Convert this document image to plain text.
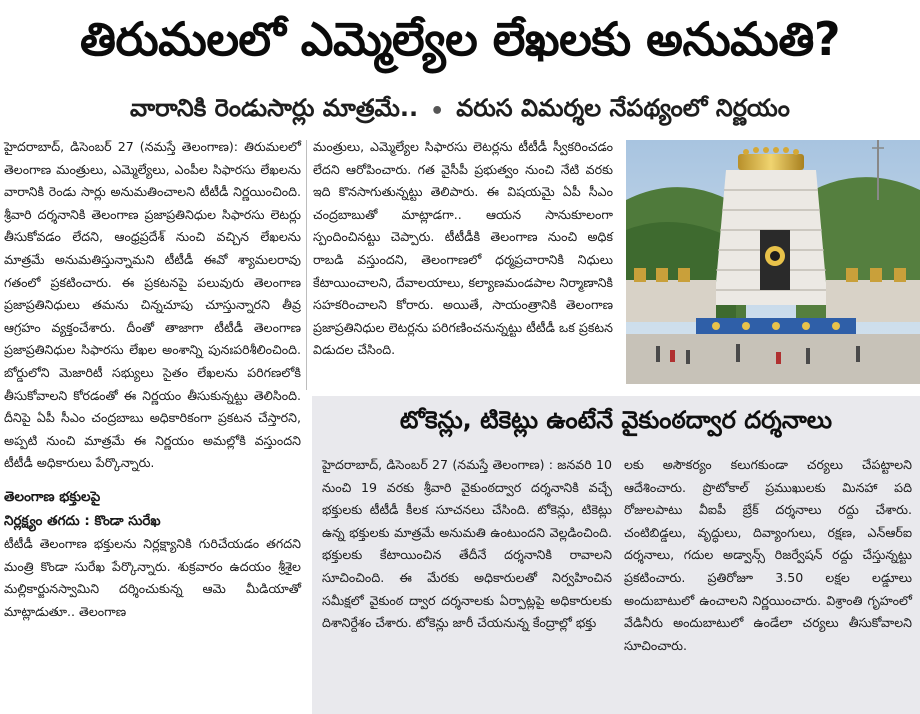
తిరుమలలో ఎమ్మెల్యేల లేఖలకు అనుమతి?
వారానికి రెండుసార్లు మాత్రమే.. • వరుస విమర్శల నేపథ్యంలో నిర్ణయం

హైదరాబాద్, డిసెంబర్ 27 (నమస్తే తెలంగాణ): తిరుమలలో తెలంగాణ మంత్రులు, ఎమ్మెల్యేలు, ఎంపీల సిఫారసు లేఖలను వారానికి రెండు సార్లు అనుమతించాలని టీటీడీ నిర్ణయించింది. శ్రీవారి దర్శనానికి తెలంగాణ ప్రజాప్రతినిధుల సిఫారసు లెటర్లు తీసుకోవడం లేదని, ఆంధ్రప్రదేశ్ నుంచి వచ్చిన లేఖలను మాత్రమే అనుమతిస్తున్నామని టీటీడీ ఈవో శ్యామలరావు గతంలో ప్రకటించారు. ఈ ప్రకటనపై పలువురు తెలంగాణ ప్రజాప్రతినిధులు తమను చిన్నచూపు చూస్తున్నారని తీవ్ర ఆగ్రహం వ్యక్తంచేశారు. దీంతో తాజాగా టీటీడీ తెలంగాణ ప్రజాప్రతినిధుల సిఫారసు లేఖల అంశాన్ని పునఃపరిశీలించింది. బోర్డులోని మెజారిటీ సభ్యులు సైతం లేఖలను పరిగణలోకి తీసుకోవాలని కోరడంతో ఈ నిర్ణయం తీసుకున్నట్టు తెలిసింది. దీనిపై ఏపీ సీఎం చంద్రబాబు అధికారికంగా ప్రకటన చేస్తారని, అప్పటి నుంచి మాత్రమే ఈ నిర్ణయం అమల్లోకి వస్తుందని టీటీడీ అధికారులు పేర్కొన్నారు.

తెలంగాణ భక్తులపై

నిర్లక్ష్యం తగదు : కొండా సురేఖ

టీటీడీ తెలంగాణ భక్తులను నిర్లక్ష్యానికి గురిచేయడం తగదని మంత్రి కొండా సురేఖ పేర్కొన్నారు. శుక్రవారం ఉదయం శ్రీశైల మల్లికార్జునస్వామిని దర్శించుకున్న ఆమె మీడియాతో మాట్లాడుతూ.. తెలంగాణ

మంత్రులు, ఎమ్మెల్యేల సిఫారసు లెటర్లను టీటీడీ స్వీకరించడం లేదని ఆరోపించారు. గత వైసీపీ ప్రభుత్వం నుంచి నేటి వరకు ఇది కొనసాగుతున్నట్టు తెలిపారు. ఈ విషయమై ఏపీ సీఎం చంద్రబాబుతో మాట్లాడగా.. ఆయన సానుకూలంగా స్పందించినట్టు చెప్పారు. టీటీడీకి తెలంగాణ నుంచి అధిక రాబడి వస్తుందని, తెలంగాణలో ధర్మప్రచారానికి నిధులు కేటాయించాలని, దేవాలయాలు, కల్యాణమండపాల నిర్మాణానికి సహకరించాలని కోరారు. అయితే, సాయంత్రానికి తెలంగాణ ప్రజాప్రతినిధుల లెటర్లను పరిగణించనున్నట్టు టీటీడీ ఒక ప్రకటన విడుదల చేసింది.

టోకెన్లు, టికెట్లు ఉంటేనే వైకుంఠద్వార దర్శనాలు

హైదరాబాద్, డిసెంబర్ 27 (నమస్తే తెలంగాణ) : జనవరి 10 నుంచి 19 వరకు శ్రీవారి వైకుంఠద్వార దర్శనానికి వచ్చే భక్తులకు టీటీడీ కీలక సూచనలు చేసింది. టోకెన్లు, టికెట్లు ఉన్న భక్తులకు మాత్రమే అనుమతి ఉంటుందని వెల్లడించింది. భక్తులకు కేటాయించిన తేదీనే దర్శనానికి రావాలని సూచించింది. ఈ మేరకు అధికారులతో నిర్వహించిన సమీక్షలో వైకుంఠ ద్వార దర్శనాలకు ఏర్పాట్లపై అధికారులకు దిశానిర్దేశం చేశారు. టోకెన్లు జారీ చేయనున్న కేంద్రాల్లో భక్తు

లకు అసౌకర్యం కలుగకుండా చర్యలు చేపట్టాలని ఆదేశించారు. ప్రొటోకాల్ ప్రముఖులకు మినహా పది రోజులపాటు వీఐపీ బ్రేక్ దర్శనాలు రద్దు చేశారు. చంటిబిడ్డలు, వృద్ధులు, దివ్యాంగులు, రక్షణ, ఎన్ఆర్ఐ దర్శనాలు, గదుల అడ్వాన్స్ రిజర్వేషన్ రద్దు చేస్తున్నట్టు ప్రకటించారు. ప్రతిరోజూ 3.50 లక్షల లడ్డూలు అందుబాటులో ఉంచాలని నిర్ణయించారు. విశ్రాంతి గృహంలో వేడినీరు అందుబాటులో ఉండేలా చర్యలు తీసుకోవాలని సూచించారు.
